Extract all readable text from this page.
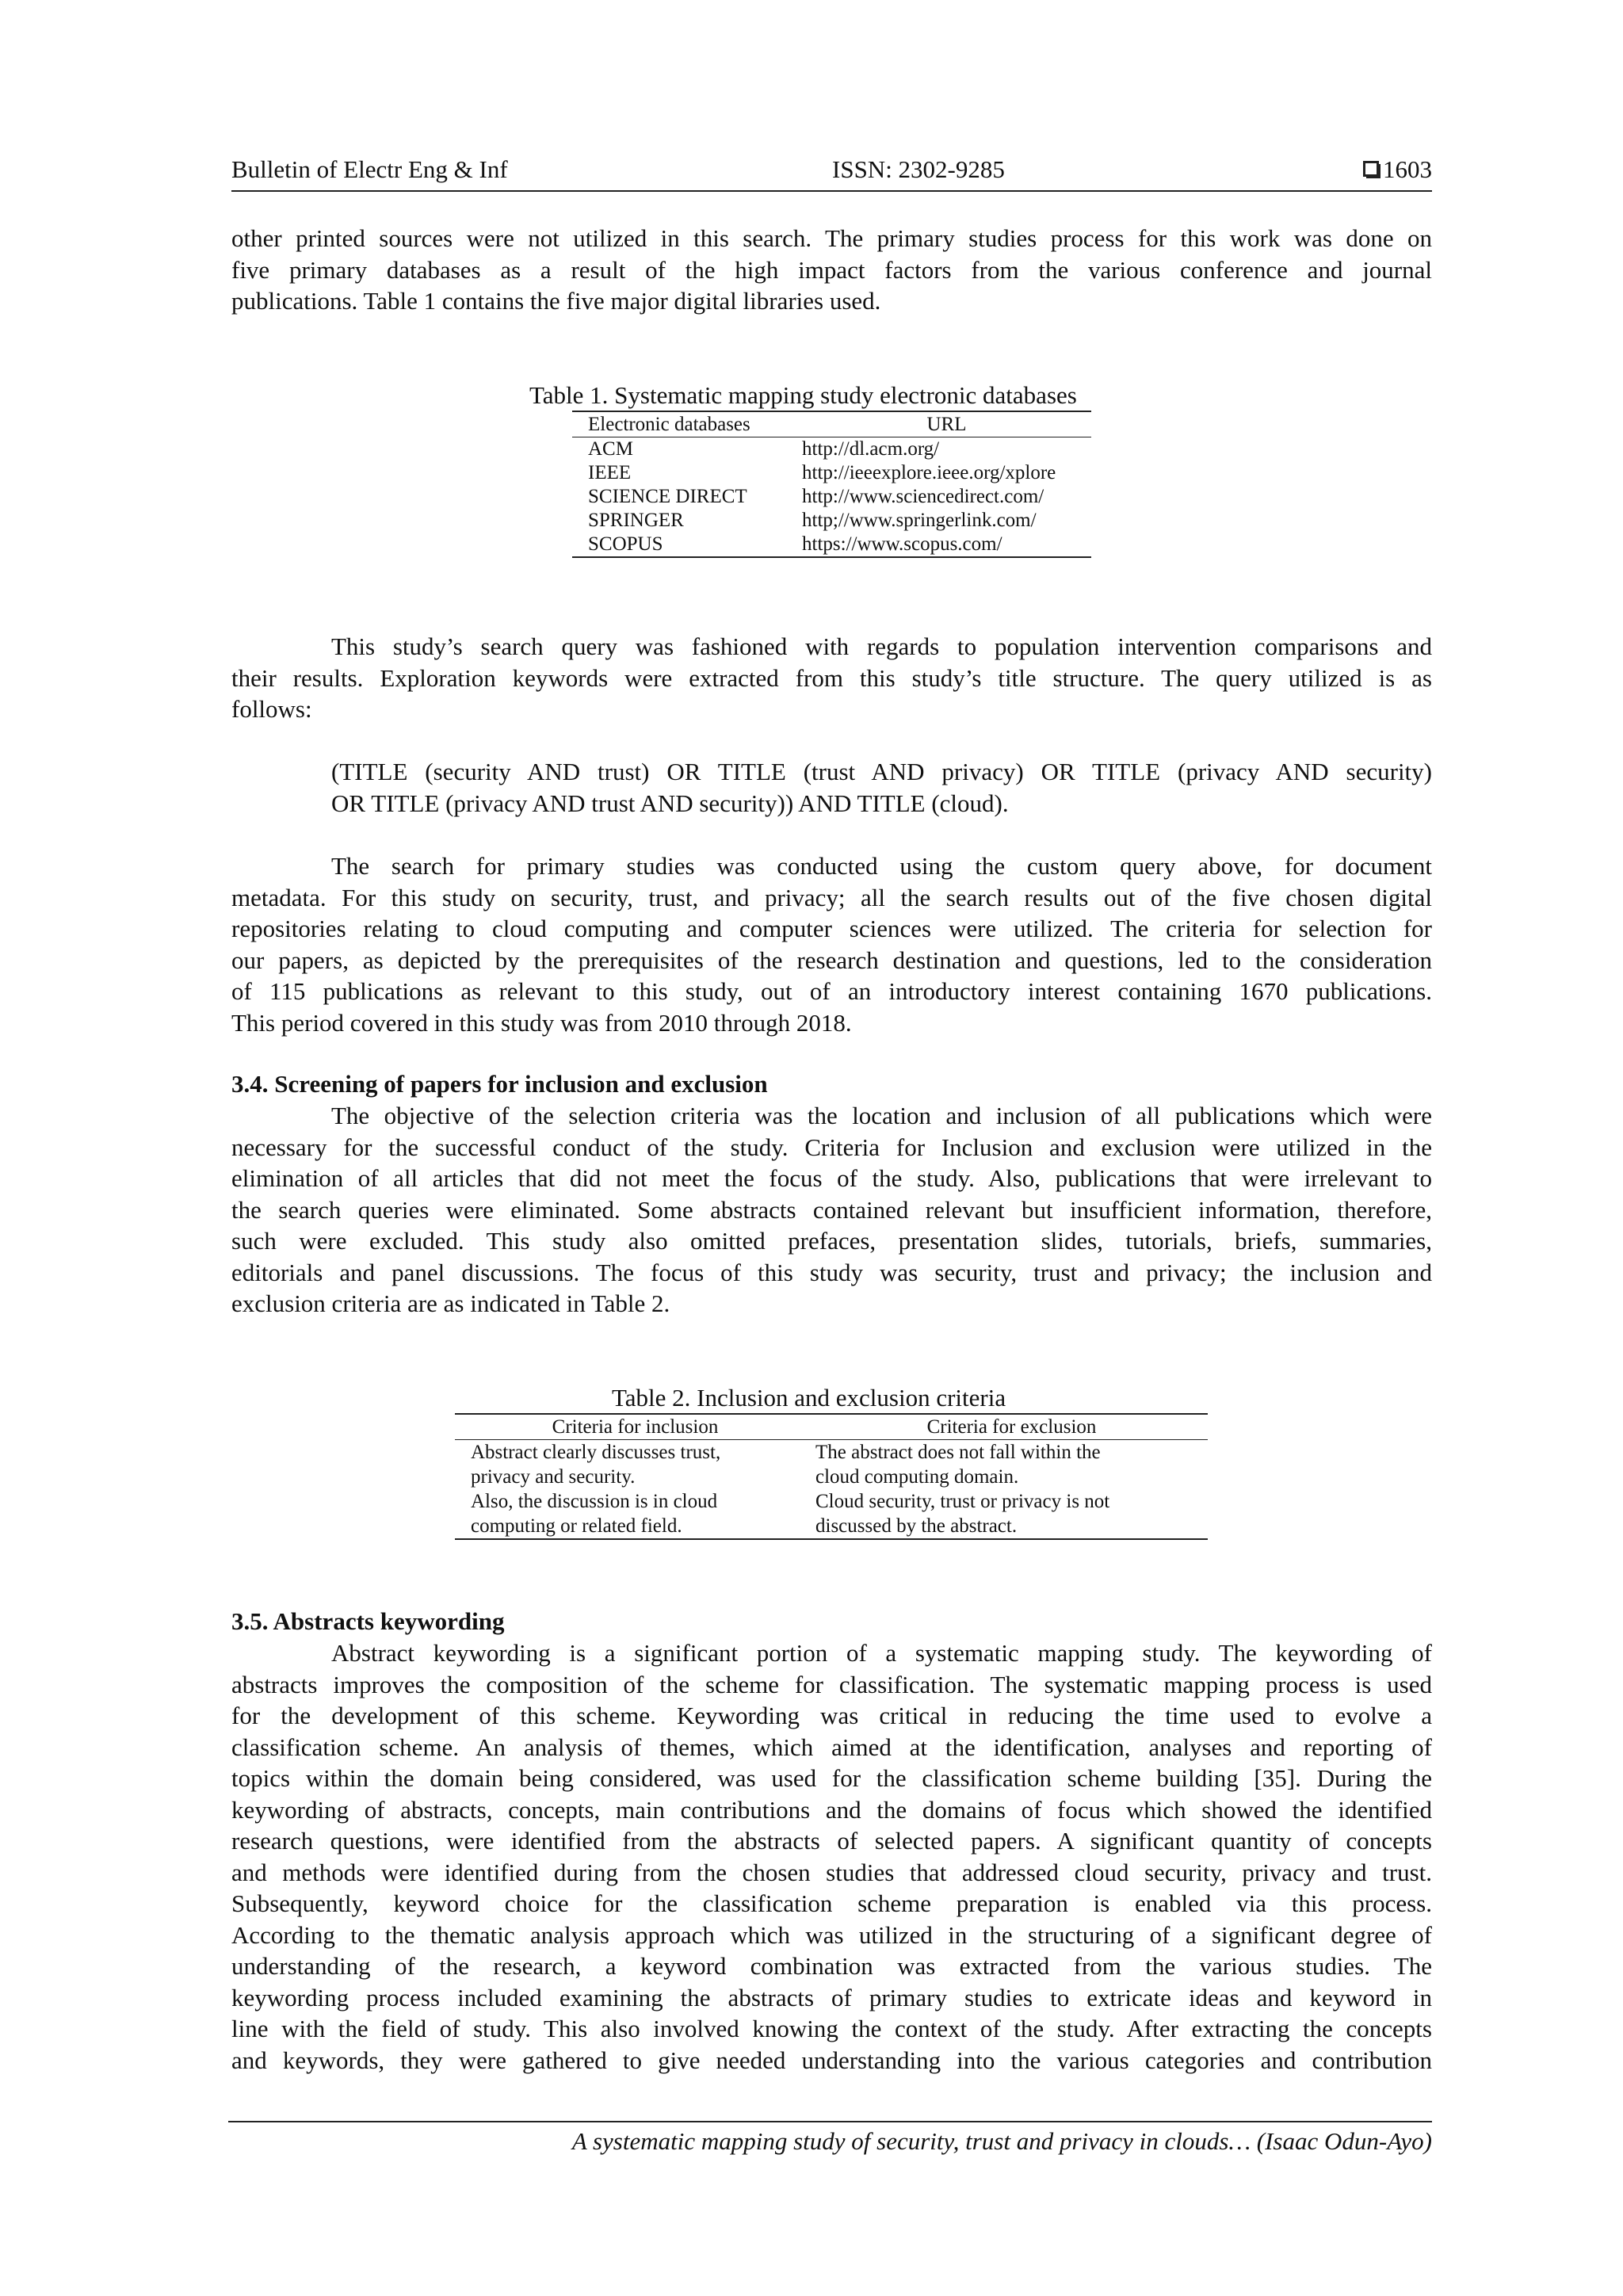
Bulletin of Electr Eng & Inf	ISSN: 2302-9285	1603
other printed sources were not utilized in this search. The primary studies process for this work was done on
five primary databases as a result of the high impact factors from the various conference and journal
publications. Table 1 contains the five major digital libraries used.
Table 1. Systematic mapping study electronic databases
Electronic databases	URL
ACM	http://dl.acm.org/
IEEE	http://ieeexplore.ieee.org/xplore
SCIENCE DIRECT	http://www.sciencedirect.com/
SPRINGER	http;//www.springerlink.com/
SCOPUS	https://www.scopus.com/
This study’s search query was fashioned with regards to population intervention comparisons and
their results. Exploration keywords were extracted from this study’s title structure. The query utilized is as
follows:
(TITLE (security AND trust) OR TITLE (trust AND privacy) OR TITLE (privacy AND security)
OR TITLE (privacy AND trust AND security)) AND TITLE (cloud).
The search for primary studies was conducted using the custom query above, for document
metadata. For this study on security, trust, and privacy; all the search results out of the five chosen digital
repositories relating to cloud computing and computer sciences were utilized. The criteria for selection for
our papers, as depicted by the prerequisites of the research destination and questions, led to the consideration
of 115 publications as relevant to this study, out of an introductory interest containing 1670 publications.
This period covered in this study was from 2010 through 2018.
3.4. Screening of papers for inclusion and exclusion
The objective of the selection criteria was the location and inclusion of all publications which were
necessary for the successful conduct of the study. Criteria for Inclusion and exclusion were utilized in the
elimination of all articles that did not meet the focus of the study. Also, publications that were irrelevant to
the search queries were eliminated. Some abstracts contained relevant but insufficient information, therefore,
such were excluded. This study also omitted prefaces, presentation slides, tutorials, briefs, summaries,
editorials and panel discussions. The focus of this study was security, trust and privacy; the inclusion and
exclusion criteria are as indicated in Table 2.
Table 2. Inclusion and exclusion criteria
Criteria for inclusion	Criteria for exclusion
Abstract clearly discusses trust,	The abstract does not fall within the
privacy and security.	cloud computing domain.
Also, the discussion is in cloud	Cloud security, trust or privacy is not
computing or related field.	discussed by the abstract.
3.5. Abstracts keywording
Abstract keywording is a significant portion of a systematic mapping study. The keywording of
abstracts improves the composition of the scheme for classification. The systematic mapping process is used
for the development of this scheme. Keywording was critical in reducing the time used to evolve a
classification scheme. An analysis of themes, which aimed at the identification, analyses and reporting of
topics within the domain being considered, was used for the classification scheme building [35]. During the
keywording of abstracts, concepts, main contributions and the domains of focus which showed the identified
research questions, were identified from the abstracts of selected papers. A significant quantity of concepts
and methods were identified during from the chosen studies that addressed cloud security, privacy and trust.
Subsequently, keyword choice for the classification scheme preparation is enabled via this process.
According to the thematic analysis approach which was utilized in the structuring of a significant degree of
understanding of the research, a keyword combination was extracted from the various studies. The
keywording process included examining the abstracts of primary studies to extricate ideas and keyword in
line with the field of study. This also involved knowing the context of the study. After extracting the concepts
and keywords, they were gathered to give needed understanding into the various categories and contribution
A systematic mapping study of security, trust and privacy in clouds… (Isaac Odun-Ayo)
